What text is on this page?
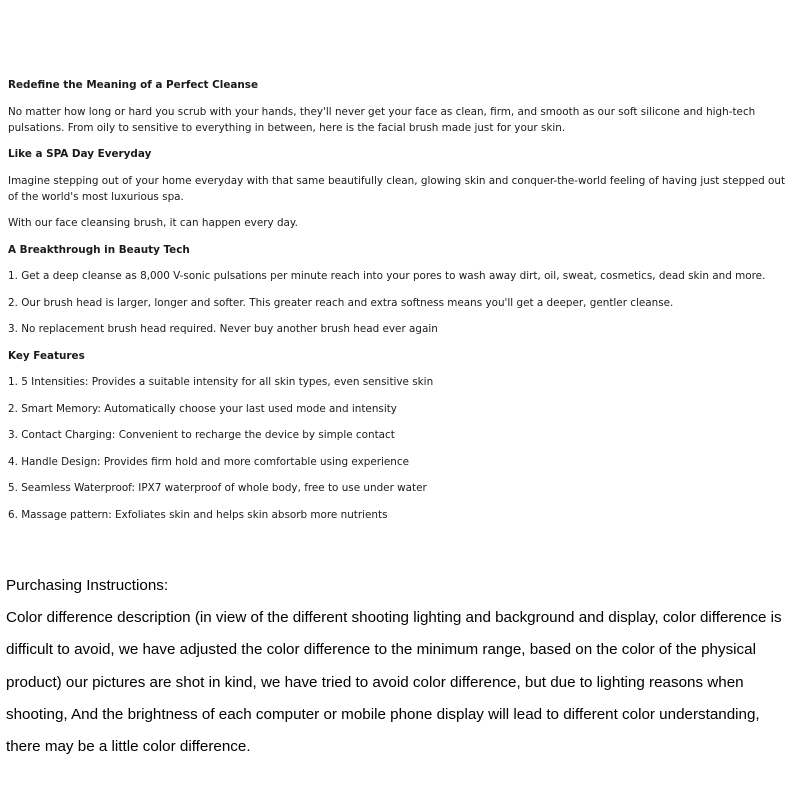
Redefine the Meaning of a Perfect Cleanse

No matter how long or hard you scrub with your hands, they'll never get your face as clean, firm, and smooth as our soft silicone and high-tech pulsations. From oily to sensitive to everything in between, here is the facial brush made just for your skin.

Like a SPA Day Everyday

Imagine stepping out of your home everyday with that same beautifully clean, glowing skin and conquer-the-world feeling of having just stepped out of the world's most luxurious spa.

With our face cleansing brush, it can happen every day.

A Breakthrough in Beauty Tech

1. Get a deep cleanse as 8,000 V-sonic pulsations per minute reach into your pores to wash away dirt, oil, sweat, cosmetics, dead skin and more.

2. Our brush head is larger, longer and softer. This greater reach and extra softness means you'll get a deeper, gentler cleanse.

3. No replacement brush head required. Never buy another brush head ever again

Key Features

1. 5 Intensities: Provides a suitable intensity for all skin types, even sensitive skin

2. Smart Memory: Automatically choose your last used mode and intensity

3. Contact Charging: Convenient to recharge the device by simple contact

4. Handle Design: Provides firm hold and more comfortable using experience

5. Seamless Waterproof: IPX7 waterproof of whole body, free to use under water

6. Massage pattern: Exfoliates skin and helps skin absorb more nutrients

Purchasing Instructions:

Color difference description (in view of the different shooting lighting and background and display, color difference is difficult to avoid, we have adjusted the color difference to the minimum range, based on the color of the physical product) our pictures are shot in kind, we have tried to avoid color difference, but due to lighting reasons when shooting, And the brightness of each computer or mobile phone display will lead to different color understanding, there may be a little color difference.
